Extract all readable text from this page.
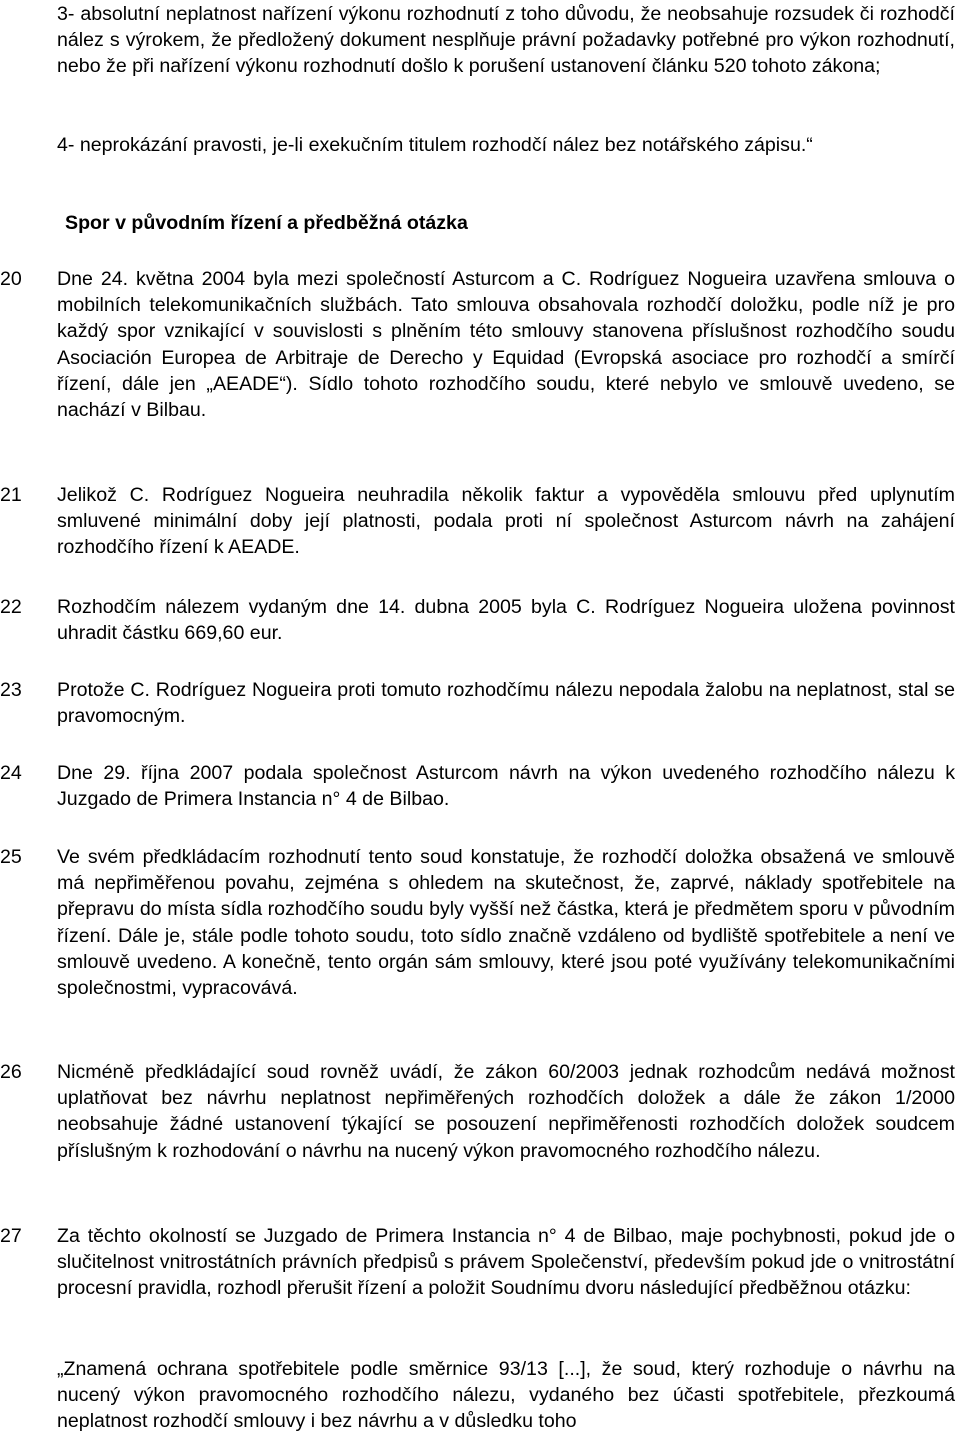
3- absolutní neplatnost nařízení výkonu rozhodnutí z toho důvodu, že neobsahuje rozsudek či rozhodčí nález s výrokem, že předložený dokument nesplňuje právní požadavky potřebné pro výkon rozhodnutí, nebo že při nařízení výkonu rozhodnutí došlo k porušení ustanovení článku 520 tohoto zákona;

4- neprokázání pravosti, je-li exekučním titulem rozhodčí nález bez notářského zápisu.“

Spor v původním řízení a předběžná otázka

20 Dne 24. května 2004 byla mezi společností Asturcom a C. Rodríguez Nogueira uzavřena smlouva o mobilních telekomunikačních službách. Tato smlouva obsahovala rozhodčí doložku, podle níž je pro každý spor vznikající v souvislosti s plněním této smlouvy stanovena příslušnost rozhodčího soudu Asociación Europea de Arbitraje de Derecho y Equidad (Evropská asociace pro rozhodčí a smírčí řízení, dále jen „AEADE“). Sídlo tohoto rozhodčího soudu, které nebylo ve smlouvě uvedeno, se nachází v Bilbau.

21 Jelikož C. Rodríguez Nogueira neuhradila několik faktur a vypověděla smlouvu před uplynutím smluvené minimální doby její platnosti, podala proti ní společnost Asturcom návrh na zahájení rozhodčího řízení k AEADE.

22 Rozhodčím nálezem vydaným dne 14. dubna 2005 byla C. Rodríguez Nogueira uložena povinnost uhradit částku 669,60 eur.

23 Protože C. Rodríguez Nogueira proti tomuto rozhodčímu nálezu nepodala žalobu na neplatnost, stal se pravomocným.

24 Dne 29. října 2007 podala společnost Asturcom návrh na výkon uvedeného rozhodčího nálezu k Juzgado de Primera Instancia n° 4 de Bilbao.

25 Ve svém předkládacím rozhodnutí tento soud konstatuje, že rozhodčí doložka obsažená ve smlouvě má nepřiměřenou povahu, zejména s ohledem na skutečnost, že, zaprvé, náklady spotřebitele na přepravu do místa sídla rozhodčího soudu byly vyšší než částka, která je předmětem sporu v původním řízení. Dále je, stále podle tohoto soudu, toto sídlo značně vzdáleno od bydliště spotřebitele a není ve smlouvě uvedeno. A konečně, tento orgán sám smlouvy, které jsou poté využívány telekomunikačními společnostmi, vypracovává.

26 Nicméně předkládající soud rovněž uvádí, že zákon 60/2003 jednak rozhodcům nedává možnost uplatňovat bez návrhu neplatnost nepřiměřených rozhodčích doložek a dále že zákon 1/2000 neobsahuje žádné ustanovení týkající se posouzení nepřiměřenosti rozhodčích doložek soudcem příslušným k rozhodování o návrhu na nucený výkon pravomocného rozhodčího nálezu.

27 Za těchto okolností se Juzgado de Primera Instancia n° 4 de Bilbao, maje pochybnosti, pokud jde o slučitelnost vnitrostátních právních předpisů s právem Společenství, především pokud jde o vnitrostátní procesní pravidla, rozhodl přerušit řízení a položit Soudnímu dvoru následující předběžnou otázku:

„Znamená ochrana spotřebitele podle směrnice 93/13 [...], že soud, který rozhoduje o návrhu na nucený výkon pravomocného rozhodčího nálezu, vydaného bez účasti spotřebitele, přezkoumá neplatnost rozhodčí smlouvy i bez návrhu a v důsledku toho
